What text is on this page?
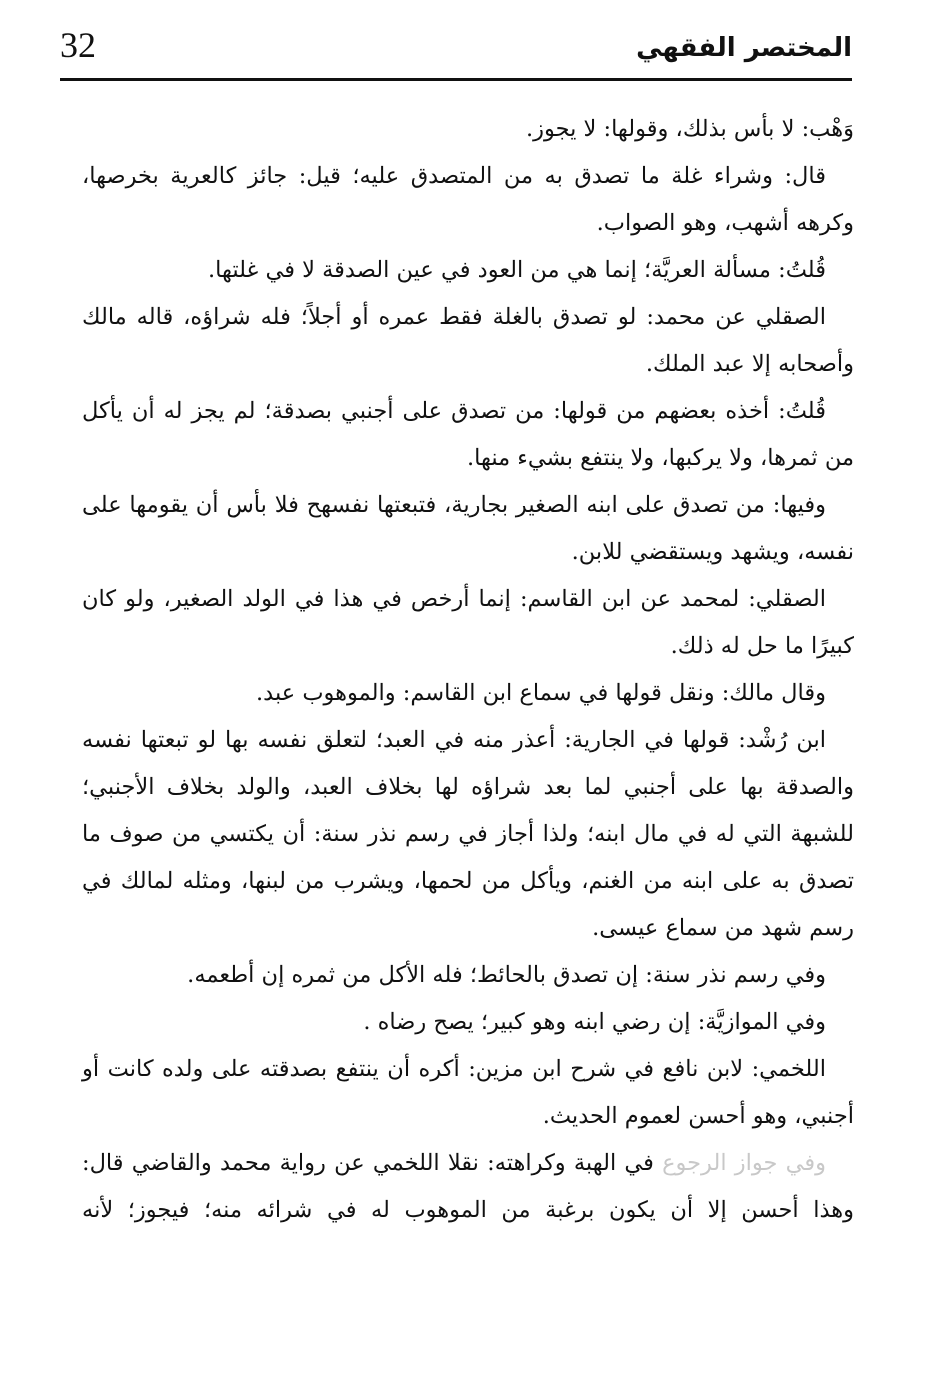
32	المختصر الفقهي

وَهْب: لا بأس بذلك، وقولها: لا يجوز.

قال: وشراء غلة ما تصدق به من المتصدق عليه؛ قيل: جائز كالعرية بخرصها، وكرهه أشهب، وهو الصواب.

قُلتُ: مسألة العريَّة؛ إنما هي من العود في عين الصدقة لا في غلتها.

الصقلي عن محمد: لو تصدق بالغلة فقط عمره أو أجلاً؛ فله شراؤه، قاله مالك وأصحابه إلا عبد الملك.

قُلتُ: أخذه بعضهم من قولها: من تصدق على أجنبي بصدقة؛ لم يجز له أن يأكل من ثمرها، ولا يركبها، ولا ينتفع بشيء منها.

وفيها: من تصدق على ابنه الصغير بجارية، فتبعتها نفسهح فلا بأس أن يقومها على نفسه، ويشهد ويستقضي للابن.

الصقلي: لمحمد عن ابن القاسم: إنما أرخص في هذا في الولد الصغير، ولو كان كبيرًا ما حل له ذلك.

وقال مالك: ونقل قولها في سماع ابن القاسم: والموهوب عبد.

ابن رُشْد: قولها في الجارية: أعذر منه في العبد؛ لتعلق نفسه بها لو تبعتها نفسه والصدقة بها على أجنبي لما بعد شراؤه لها بخلاف العبد، والولد بخلاف الأجنبي؛ للشبهة التي له في مال ابنه؛ ولذا أجاز في رسم نذر سنة: أن يكتسي من صوف ما تصدق به على ابنه من الغنم، ويأكل من لحمها، ويشرب من لبنها، ومثله لمالك في رسم شهد من سماع عيسى.

وفي رسم نذر سنة: إن تصدق بالحائط؛ فله الأكل من ثمره إن أطعمه.

وفي الموازيَّة: إن رضي ابنه وهو كبير؛ يصح رضاه .

اللخمي: لابن نافع في شرح ابن مزين: أكره أن ينتفع بصدقته على ولده كانت أو أجنبي، وهو أحسن لعموم الحديث.

وفي جواز الرجوع في الهبة وكراهته: نقلا اللخمي عن رواية محمد والقاضي قال: وهذا أحسن إلا أن يكون برغبة من الموهوب له في شرائه منه؛ فيجوز؛ لأنه
